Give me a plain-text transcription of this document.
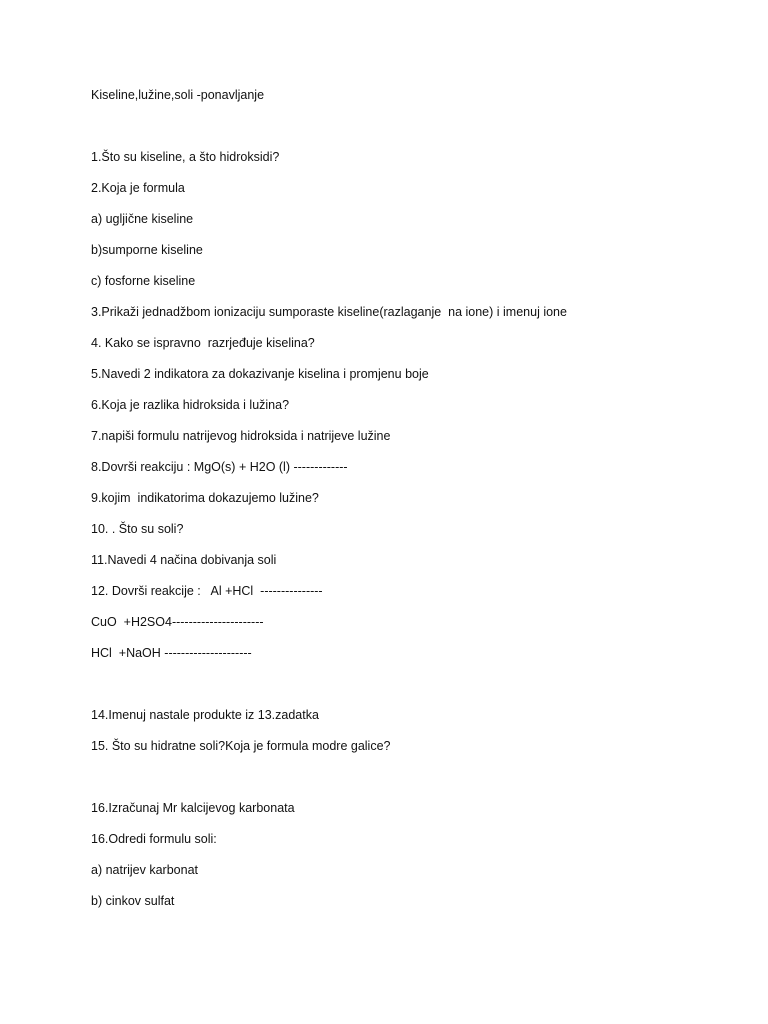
Kiseline,lužine,soli -ponavljanje
1.Što su kiseline, a što hidroksidi?
2.Koja je formula
a) ugljične kiseline
b)sumporne kiseline
c) fosforne kiseline
3.Prikaži jednadžbom ionizaciju sumporaste kiseline(razlaganje  na ione) i imenuj ione
4. Kako se ispravno  razrjeđuje kiselina?
5.Navedi 2 indikatora za dokazivanje kiselina i promjenu boje
6.Koja je razlika hidroksida i lužina?
7.napiši formulu natrijevog hidroksida i natrijeve lužine
8.Dovrši reakciju : MgO(s) + H2O (l) -------------
9.kojim  indikatorima dokazujemo lužine?
10. . Što su soli?
11.Navedi 4 načina dobivanja soli
12. Dovrši reakcije :   Al +HCl  ---------------
CuO  +H2SO4----------------------
HCl  +NaOH ---------------------
14.Imenuj nastale produkte iz 13.zadatka
15. Što su hidratne soli?Koja je formula modre galice?
16.Izračunaj Mr kalcijevog karbonata
16.Odredi formulu soli:
a) natrijev karbonat
b) cinkov sulfat
